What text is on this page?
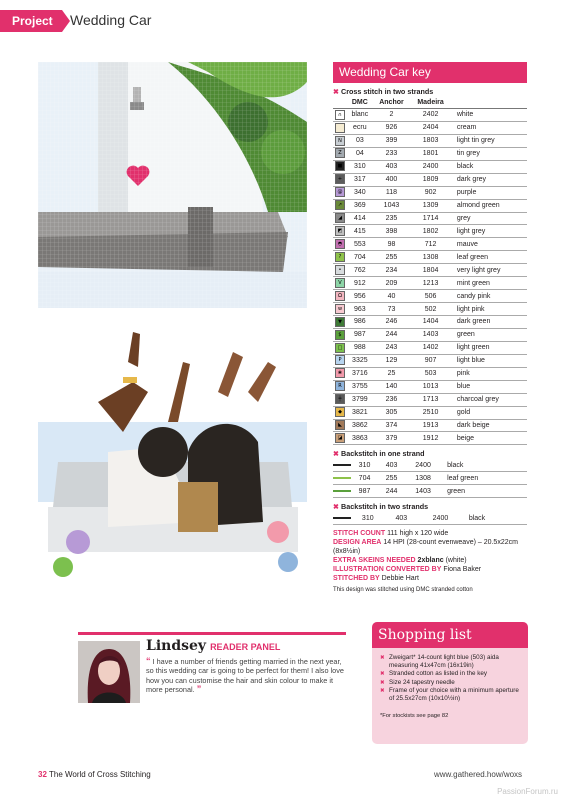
Project	Wedding Car
Wedding Car key
✖ Cross stitch in two strands
	DMC	Anchor	Madeira	
∩	blanc	2	2402	white
	ecru	926	2404	cream
N	03	399	1803	light tin grey
Z	04	233	1801	tin grey
■	310	403	2400	black
+	317	400	1809	dark grey
@	340	118	902	purple
↗	369	1043	1309	almond green
◢	414	235	1714	grey
◩	415	398	1802	light grey
◓	553	98	712	mauve
?	704	255	1308	leaf green
•	762	234	1804	very light grey
V	912	209	1213	mint green
Ω	956	40	506	candy pink
w	963	73	502	light pink
▼	986	246	1404	dark green
$	987	244	1403	green
□	988	243	1402	light green
P	3325	129	907	light blue
❀	3716	25	503	pink
R	3755	140	1013	blue
╪	3799	236	1713	charcoal grey
◆	3821	305	2510	gold
◣	3862	374	1913	dark beige
◪	3863	379	1912	beige
✖ Backstitch in one strand
	310	403	2400	black
	704	255	1308	leaf green
	987	244	1403	green
✖ Backstitch in two strands
	310	403	2400	black
STITCH COUNT 111 high x 120 wide
DESIGN AREA 14 HPI (28-count evenweave) – 20.5x22cm (8x8½in)
EXTRA SKEINS NEEDED 2xblanc (white)
ILLUSTRATION CONVERTED BY Fiona Baker
STITCHED BY Debbie Hart
This design was stitched using DMC stranded cotton
Lindsey READER PANEL
“ I have a number of friends getting married in the next year, so this wedding car is going to be perfect for them! I also love how you can customise the hair and skin colour to make it more personal. ”
Shopping list
✖ Zweigart* 14-count light blue (503) aida measuring 41x47cm (16x19in)
✖ Stranded cotton as listed in the key
✖ Size 24 tapestry needle
✖ Frame of your choice with a minimum aperture of 25.5x27cm (10x10½in)
*For stockists see page 82
32 The World of Cross Stitching	www.gathered.how/woxs
PassionForum.ru
